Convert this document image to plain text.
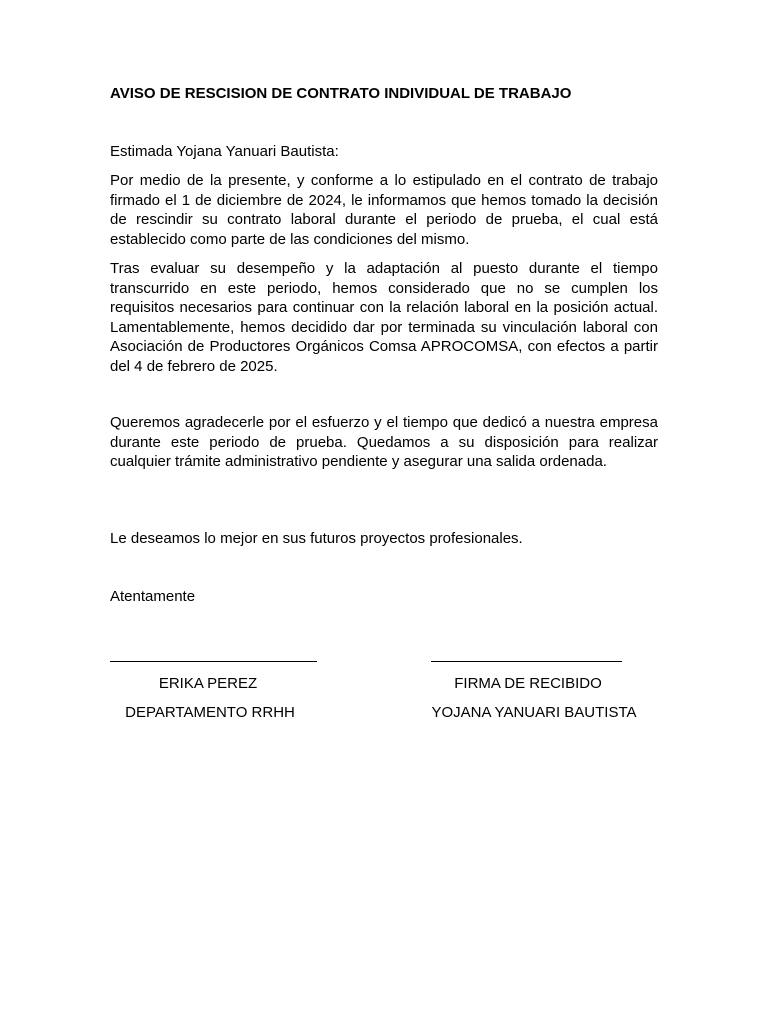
AVISO DE RESCISION DE CONTRATO INDIVIDUAL DE TRABAJO

Estimada Yojana Yanuari Bautista:

Por medio de la presente, y conforme a lo estipulado en el contrato de trabajo firmado el 1 de diciembre de 2024, le informamos que hemos tomado la decisión de rescindir su contrato laboral durante el periodo de prueba, el cual está establecido como parte de las condiciones del mismo.

Tras evaluar su desempeño y la adaptación al puesto durante el tiempo transcurrido en este periodo, hemos considerado que no se cumplen los requisitos necesarios para continuar con la relación laboral en la posición actual. Lamentablemente, hemos decidido dar por terminada su vinculación laboral con Asociación de Productores Orgánicos Comsa APROCOMSA, con efectos a partir del 4 de febrero de 2025.

Queremos agradecerle por el esfuerzo y el tiempo que dedicó a nuestra empresa durante este periodo de prueba. Quedamos a su disposición para realizar cualquier trámite administrativo pendiente y asegurar una salida ordenada.

Le deseamos lo mejor en sus futuros proyectos profesionales.

Atentamente

ERIKA PEREZ
DEPARTAMENTO RRHH
FIRMA DE RECIBIDO
YOJANA YANUARI BAUTISTA
